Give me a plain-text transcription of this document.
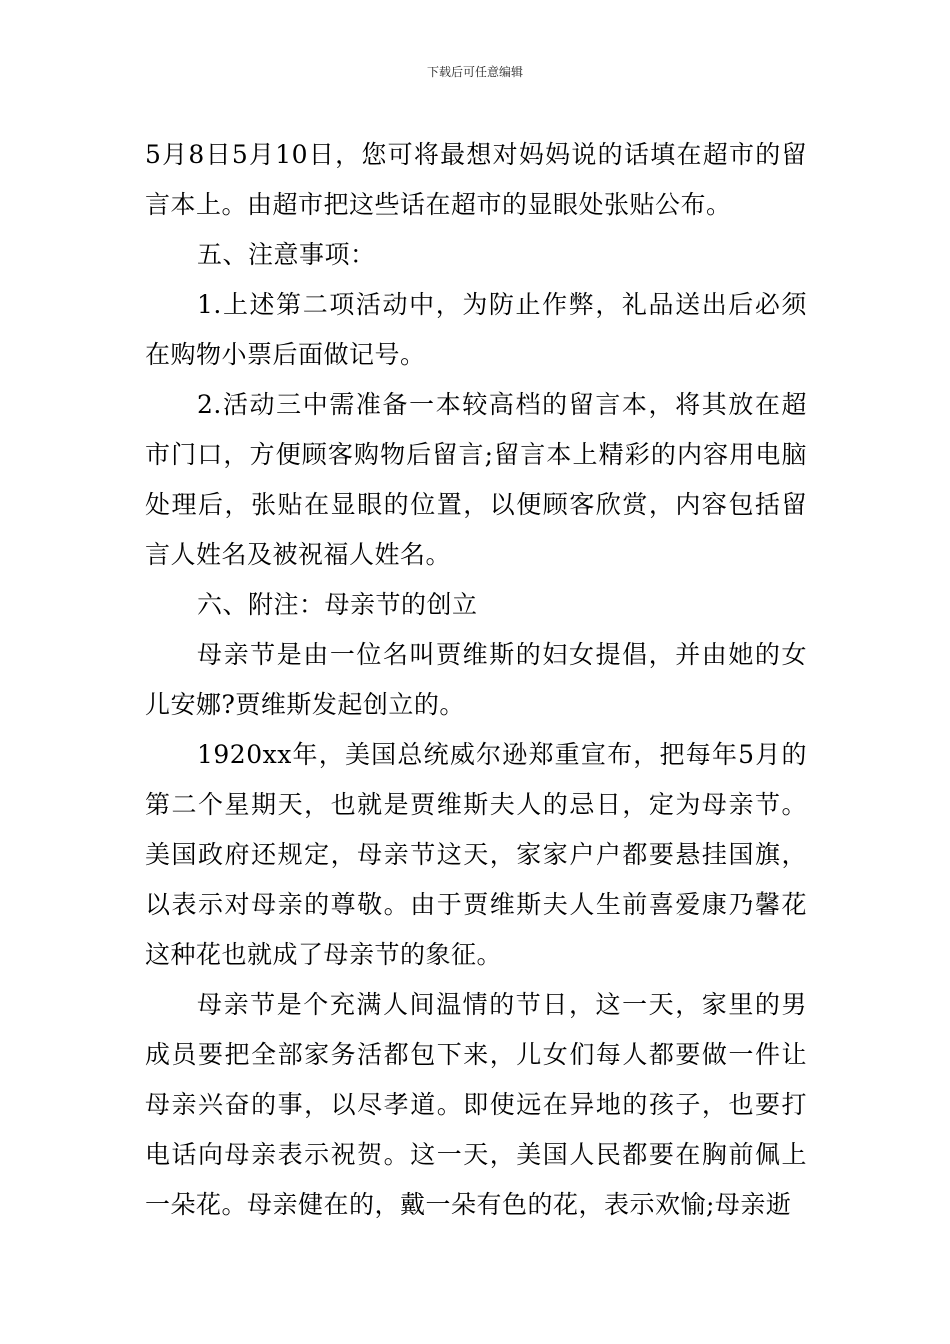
下载后可任意编辑

5月8日5月10日，您可将最想对妈妈说的话填在超市的留言本上。由超市把这些话在超市的显眼处张贴公布。

五、注意事项：

1.上述第二项活动中，为防止作弊，礼品送出后必须在购物小票后面做记号。

2.活动三中需准备一本较高档的留言本，将其放在超市门口，方便顾客购物后留言;留言本上精彩的内容用电脑处理后，张贴在显眼的位置，以便顾客欣赏，内容包括留言人姓名及被祝福人姓名。

六、附注：母亲节的创立

母亲节是由一位名叫贾维斯的妇女提倡，并由她的女儿安娜?贾维斯发起创立的。

1920xx年，美国总统威尔逊郑重宣布，把每年5月的第二个星期天，也就是贾维斯夫人的忌日，定为母亲节。美国政府还规定，母亲节这天，家家户户都要悬挂国旗，以表示对母亲的尊敬。由于贾维斯夫人生前喜爱康乃馨花这种花也就成了母亲节的象征。

母亲节是个充满人间温情的节日，这一天，家里的男成员要把全部家务活都包下来，儿女们每人都要做一件让母亲兴奋的事，以尽孝道。即使远在异地的孩子，也要打电话向母亲表示祝贺。这一天，美国人民都要在胸前佩上一朵花。母亲健在的，戴一朵有色的花，表示欢愉;母亲逝
